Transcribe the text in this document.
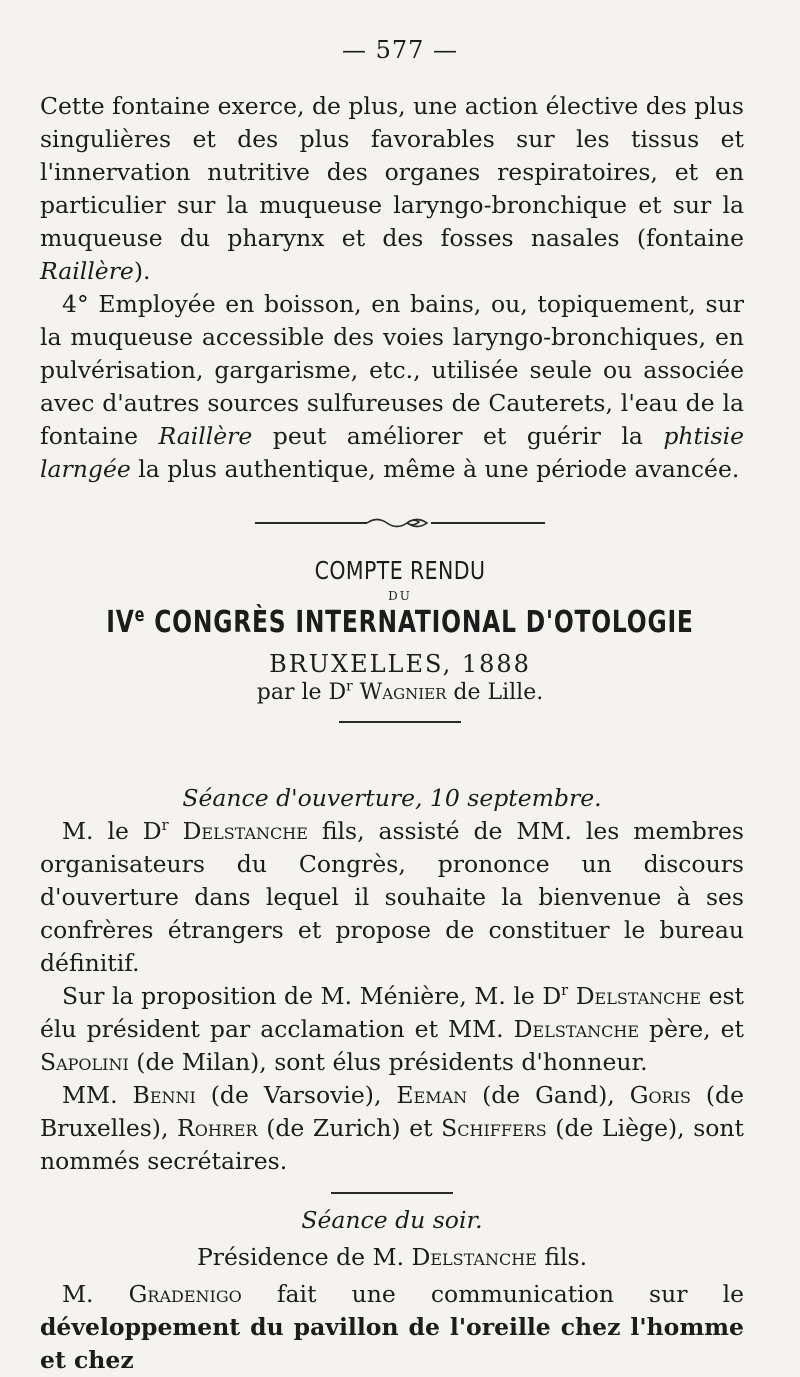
— 577 —

Cette fontaine exerce, de plus, une action élective des plus singulières et des plus favorables sur les tissus et l'innervation nutritive des organes respiratoires, et en particulier sur la muqueuse laryngo-bronchique et sur la muqueuse du pharynx et des fosses nasales (fontaine Raillère).

4° Employée en boisson, en bains, ou, topiquement, sur la muqueuse accessible des voies laryngo-bronchiques, en pulvérisation, gargarisme, etc., utilisée seule ou associée avec d'autres sources sulfureuses de Cauterets, l'eau de la fontaine Raillère peut améliorer et guérir la phtisie larngée la plus authentique, même à une période avancée.

COMPTE RENDU
DU
IVe CONGRÈS INTERNATIONAL D'OTOLOGIE
BRUXELLES, 1888
par le $D^r$ Wagnier de Lille.

Séance d'ouverture, 10 septembre.

M. le $D^r$ Delstanche fils, assisté de MM. les membres organisateurs du Congrès, prononce un discours d'ouverture dans lequel il souhaite la bienvenue à ses confrères étrangers et propose de constituer le bureau définitif.

Sur la proposition de M. Ménière, M. le $D^r$ Delstanche est élu président par acclamation et MM. Delstanche père, et Sapolini (de Milan), sont élus présidents d'honneur.

MM. Benni (de Varsovie), Eeman (de Gand), Goris (de Bruxelles), Rohrer (de Zurich) et Schiffers (de Liège), sont nommés secrétaires.

Séance du soir.

Présidence de M. Delstanche fils.

M. Gradenigo fait une communication sur le développement du pavillon de l'oreille chez l'homme et chez
